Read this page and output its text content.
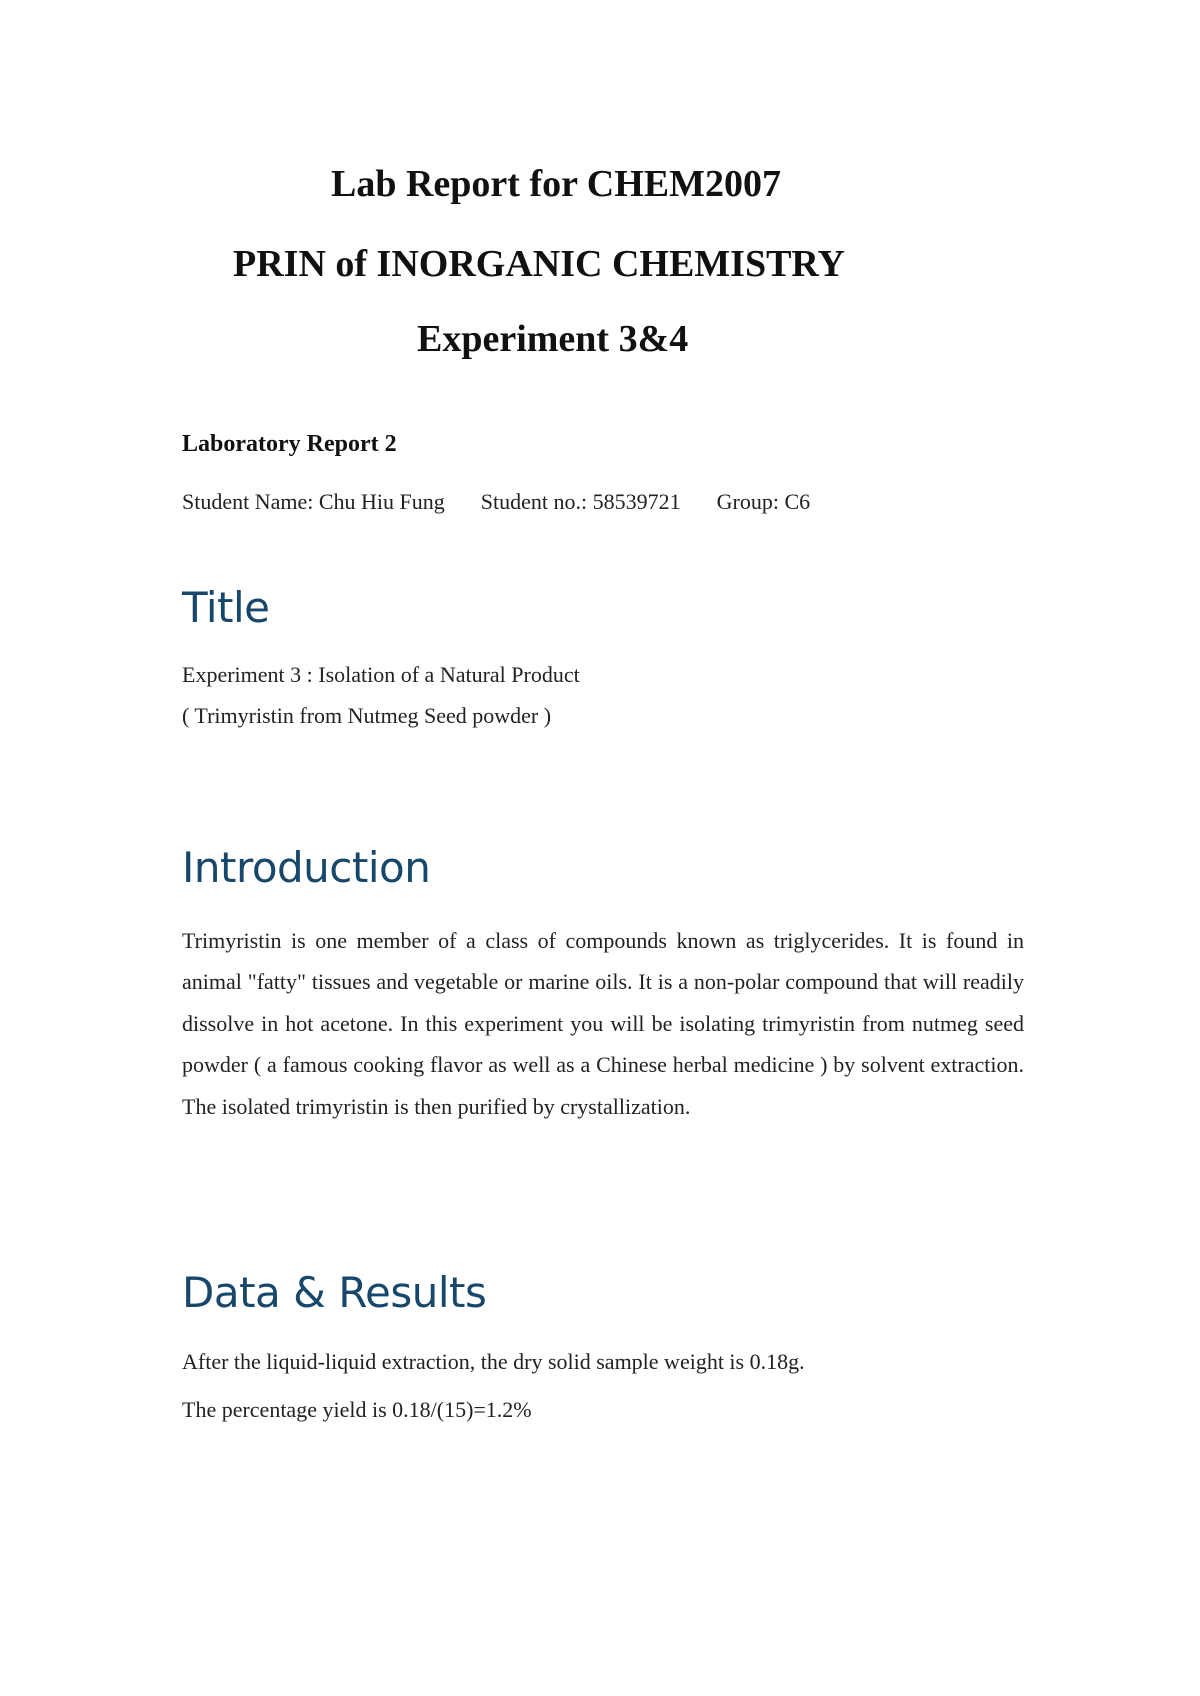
Lab Report for CHEM2007
PRIN of INORGANIC CHEMISTRY
Experiment 3&4
Laboratory Report 2
Student Name: Chu Hiu Fung Student no.: 58539721 Group: C6
Title
Experiment 3 : Isolation of a Natural Product
( Trimyristin from Nutmeg Seed powder )
Introduction
Trimyristin is one member of a class of compounds known as triglycerides. It is found in animal "fatty" tissues and vegetable or marine oils. It is a non-polar compound that will readily dissolve in hot acetone. In this experiment you will be isolating trimyristin from nutmeg seed powder ( a famous cooking flavor as well as a Chinese herbal medicine ) by solvent extraction. The isolated trimyristin is then purified by crystallization.
Data & Results
After the liquid-liquid extraction, the dry solid sample weight is 0.18g.
The percentage yield is 0.18/(15)=1.2%
